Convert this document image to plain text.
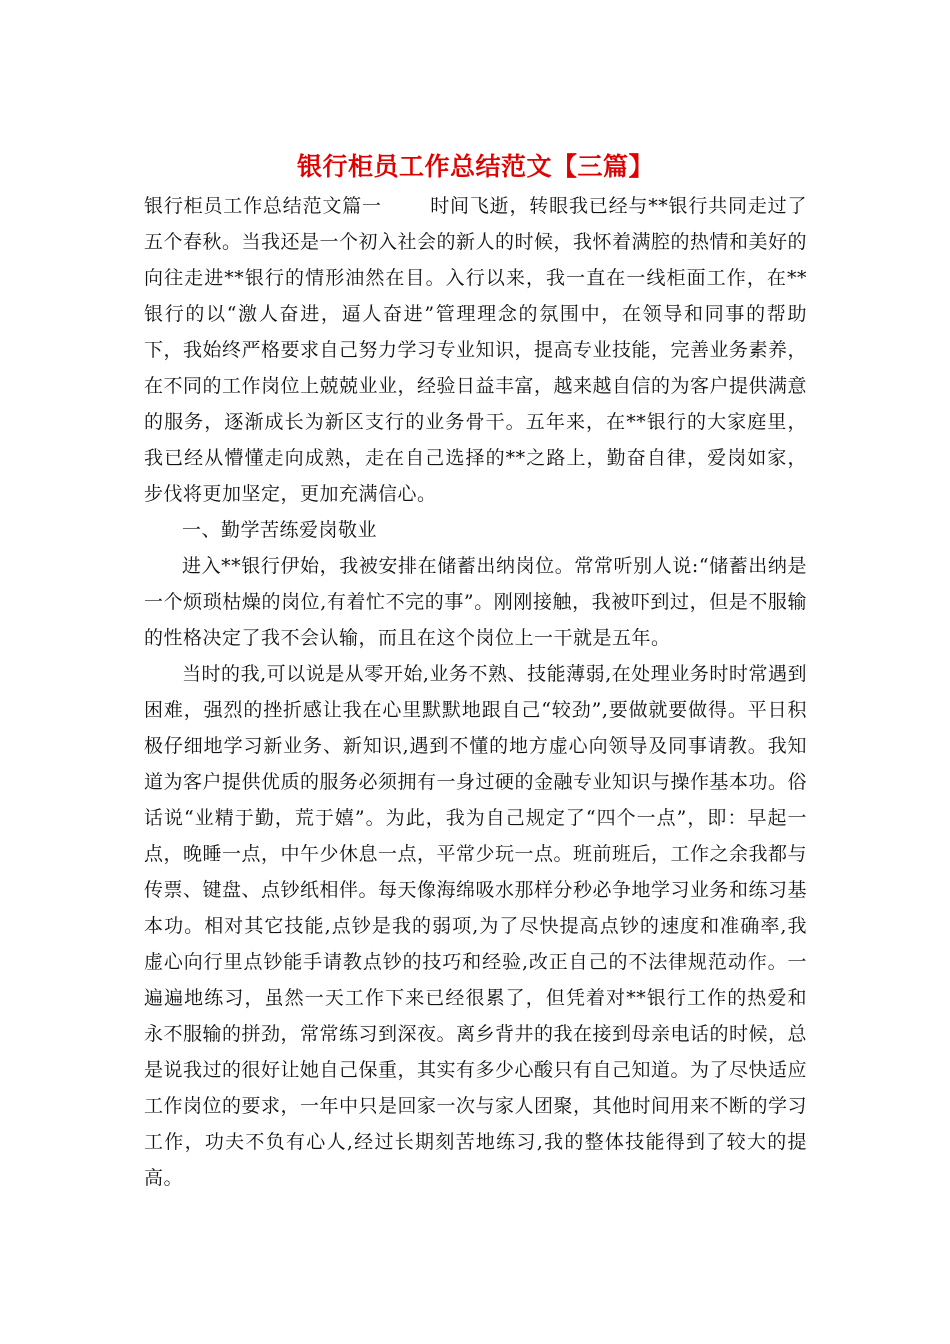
银行柜员工作总结范文【三篇】

银行柜员工作总结范文篇一	时间飞逝，转眼我已经与**银行共同走过了五个春秋。当我还是一个初入社会的新人的时候，我怀着满腔的热情和美好的向往走进**银行的情形油然在目。入行以来，我一直在一线柜面工作，在**银行的以“激人奋进，逼人奋进”管理理念的氛围中，在领导和同事的帮助下，我始终严格要求自己努力学习专业知识，提高专业技能，完善业务素养，在不同的工作岗位上兢兢业业，经验日益丰富，越来越自信的为客户提供满意的服务，逐渐成长为新区支行的业务骨干。五年来，在**银行的大家庭里，我已经从懵懂走向成熟，走在自己选择的**之路上，勤奋自律，爱岗如家，步伐将更加坚定，更加充满信心。

一、勤学苦练爱岗敬业

进入**银行伊始，我被安排在储蓄出纳岗位。常常听别人说:“储蓄出纳是一个烦琐枯燥的岗位,有着忙不完的事”。刚刚接触，我被吓到过，但是不服输的性格决定了我不会认输，而且在这个岗位上一干就是五年。

当时的我,可以说是从零开始,业务不熟、技能薄弱,在处理业务时时常遇到困难，强烈的挫折感让我在心里默默地跟自己“较劲”,要做就要做得。平日积极仔细地学习新业务、新知识,遇到不懂的地方虚心向领导及同事请教。我知道为客户提供优质的服务必须拥有一身过硬的金融专业知识与操作基本功。俗话说“业精于勤，荒于嬉”。为此，我为自己规定了“四个一点”，即：早起一点，晚睡一点，中午少休息一点，平常少玩一点。班前班后，工作之余我都与传票、键盘、点钞纸相伴。每天像海绵吸水那样分秒必争地学习业务和练习基本功。相对其它技能,点钞是我的弱项,为了尽快提高点钞的速度和准确率,我虚心向行里点钞能手请教点钞的技巧和经验,改正自己的不法律规范动作。一遍遍地练习，虽然一天工作下来已经很累了，但凭着对**银行工作的热爱和永不服输的拼劲，常常练习到深夜。离乡背井的我在接到母亲电话的时候，总是说我过的很好让她自己保重，其实有多少心酸只有自己知道。为了尽快适应工作岗位的要求，一年中只是回家一次与家人团聚，其他时间用来不断的学习工作，功夫不负有心人,经过长期刻苦地练习,我的整体技能得到了较大的提高。
